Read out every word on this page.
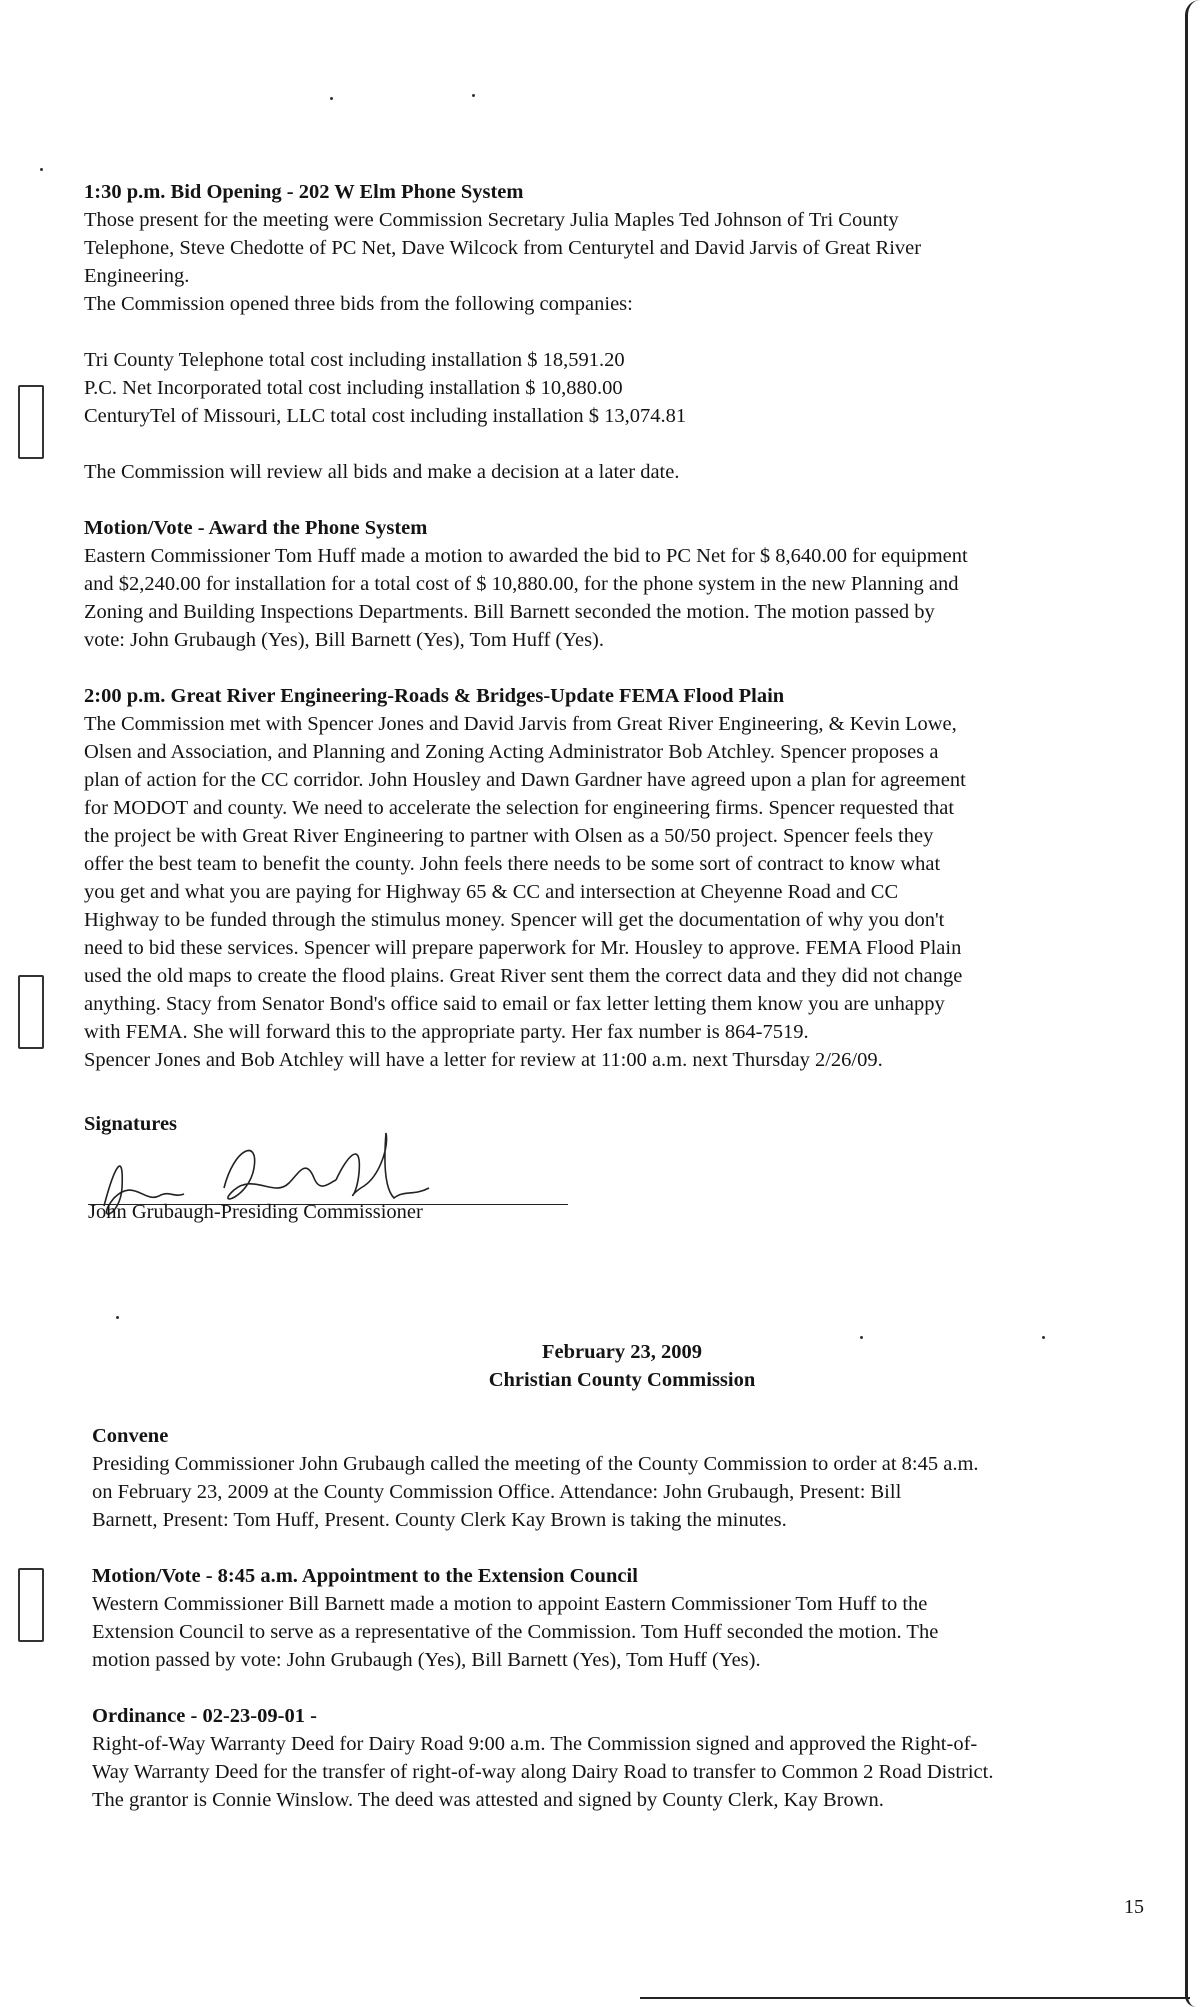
1:30 p.m. Bid Opening - 202 W Elm Phone System

Those present for the meeting were Commission Secretary Julia Maples Ted Johnson of Tri County

Telephone, Steve Chedotte of PC Net, Dave Wilcock from Centurytel and David Jarvis of Great River

Engineering.

The Commission opened three bids from the following companies:

Tri County Telephone total cost including installation $ 18,591.20

P.C. Net Incorporated total cost including installation $ 10,880.00

CenturyTel of Missouri, LLC total cost including installation $ 13,074.81

The Commission will review all bids and make a decision at a later date.

Motion/Vote - Award the Phone System

Eastern Commissioner Tom Huff made a motion to awarded the bid to PC Net for $ 8,640.00 for equipment

and $2,240.00 for installation for a total cost of $ 10,880.00, for the phone system in the new Planning and

Zoning and Building Inspections Departments. Bill Barnett seconded the motion. The motion passed by

vote: John Grubaugh (Yes), Bill Barnett (Yes), Tom Huff (Yes).

2:00 p.m. Great River Engineering-Roads & Bridges-Update FEMA Flood Plain

The Commission met with Spencer Jones and David Jarvis from Great River Engineering, & Kevin Lowe,

Olsen and Association, and Planning and Zoning Acting Administrator Bob Atchley. Spencer proposes a

plan of action for the CC corridor. John Housley and Dawn Gardner have agreed upon a plan for agreement

for MODOT and county. We need to accelerate the selection for engineering firms. Spencer requested that

the project be with Great River Engineering to partner with Olsen as a 50/50 project. Spencer feels they

offer the best team to benefit the county. John feels there needs to be some sort of contract to know what

you get and what you are paying for Highway 65 & CC and intersection at Cheyenne Road and CC

Highway to be funded through the stimulus money. Spencer will get the documentation of why you don't

need to bid these services. Spencer will prepare paperwork for Mr. Housley to approve. FEMA Flood Plain

used the old maps to create the flood plains. Great River sent them the correct data and they did not change

anything. Stacy from Senator Bond's office said to email or fax letter letting them know you are unhappy

with FEMA. She will forward this to the appropriate party. Her fax number is 864-7519.

Spencer Jones and Bob Atchley will have a letter for review at 11:00 a.m. next Thursday 2/26/09.

Signatures
John Grubaugh-Presiding Commissioner

February 23, 2009

Christian County Commission

Convene

Presiding Commissioner John Grubaugh called the meeting of the County Commission to order at 8:45 a.m.

on February 23, 2009 at the County Commission Office. Attendance: John Grubaugh, Present: Bill

Barnett, Present: Tom Huff, Present. County Clerk Kay Brown is taking the minutes.

Motion/Vote - 8:45 a.m. Appointment to the Extension Council

Western Commissioner Bill Barnett made a motion to appoint Eastern Commissioner Tom Huff to the

Extension Council to serve as a representative of the Commission. Tom Huff seconded the motion. The

motion passed by vote: John Grubaugh (Yes), Bill Barnett (Yes), Tom Huff (Yes).

Ordinance - 02-23-09-01 -

Right-of-Way Warranty Deed for Dairy Road 9:00 a.m. The Commission signed and approved the Right-of-

Way Warranty Deed for the transfer of right-of-way along Dairy Road to transfer to Common 2 Road District.

The grantor is Connie Winslow. The deed was attested and signed by County Clerk, Kay Brown.

15
